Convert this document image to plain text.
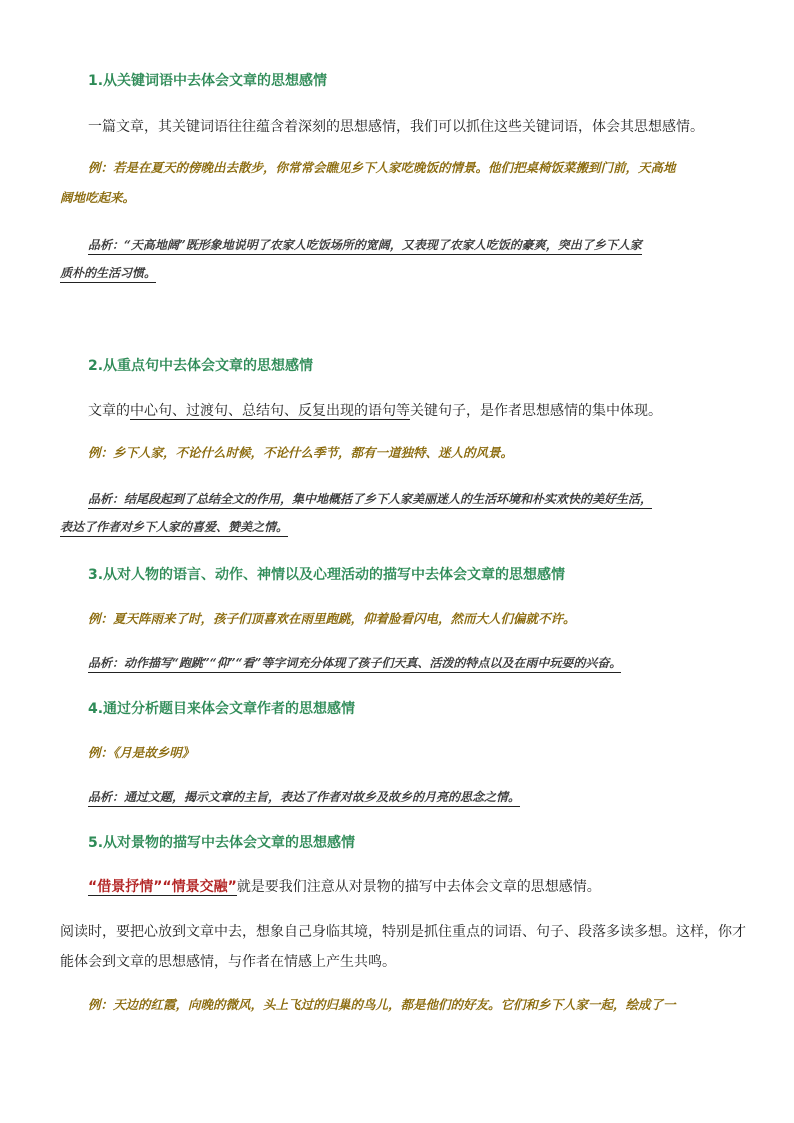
1.从关键词语中去体会文章的思想感情
一篇文章，其关键词语往往蕴含着深刻的思想感情，我们可以抓住这些关键词语，体会其思想感情。
例：若是在夏天的傍晚出去散步，你常常会瞧见乡下人家吃晚饭的情景。他们把桌椅饭菜搬到门前，天高地
阔地吃起来。
品析：“天高地阔”既形象地说明了农家人吃饭场所的宽阔，又表现了农家人吃饭的豪爽，突出了乡下人家
质朴的生活习惯。
2.从重点句中去体会文章的思想感情
文章的中心句、过渡句、总结句、反复出现的语句等关键句子，是作者思想感情的集中体现。
例：乡下人家，不论什么时候，不论什么季节，都有一道独特、迷人的风景。
品析：结尾段起到了总结全文的作用，集中地概括了乡下人家美丽迷人的生活环境和朴实欢快的美好生活，
表达了作者对乡下人家的喜爱、赞美之情。
3.从对人物的语言、动作、神情以及心理活动的描写中去体会文章的思想感情
例：夏天阵雨来了时，孩子们顶喜欢在雨里跑跳，仰着脸看闪电，然而大人们偏就不许。
品析：动作描写“跑跳”“仰”“看”等字词充分体现了孩子们天真、活泼的特点以及在雨中玩耍的兴奋。
4.通过分析题目来体会文章作者的思想感情
例：《月是故乡明》
品析：通过文题，揭示文章的主旨，表达了作者对故乡及故乡的月亮的思念之情。
5.从对景物的描写中去体会文章的思想感情
“借景抒情”“情景交融”就是要我们注意从对景物的描写中去体会文章的思想感情。
阅读时，要把心放到文章中去，想象自己身临其境，特别是抓住重点的词语、句子、段落多读多想。这样，你才
能体会到文章的思想感情，与作者在情感上产生共鸣。
例：天边的红霞，向晚的微风，头上飞过的归巢的鸟儿，都是他们的好友。它们和乡下人家一起，绘成了一
